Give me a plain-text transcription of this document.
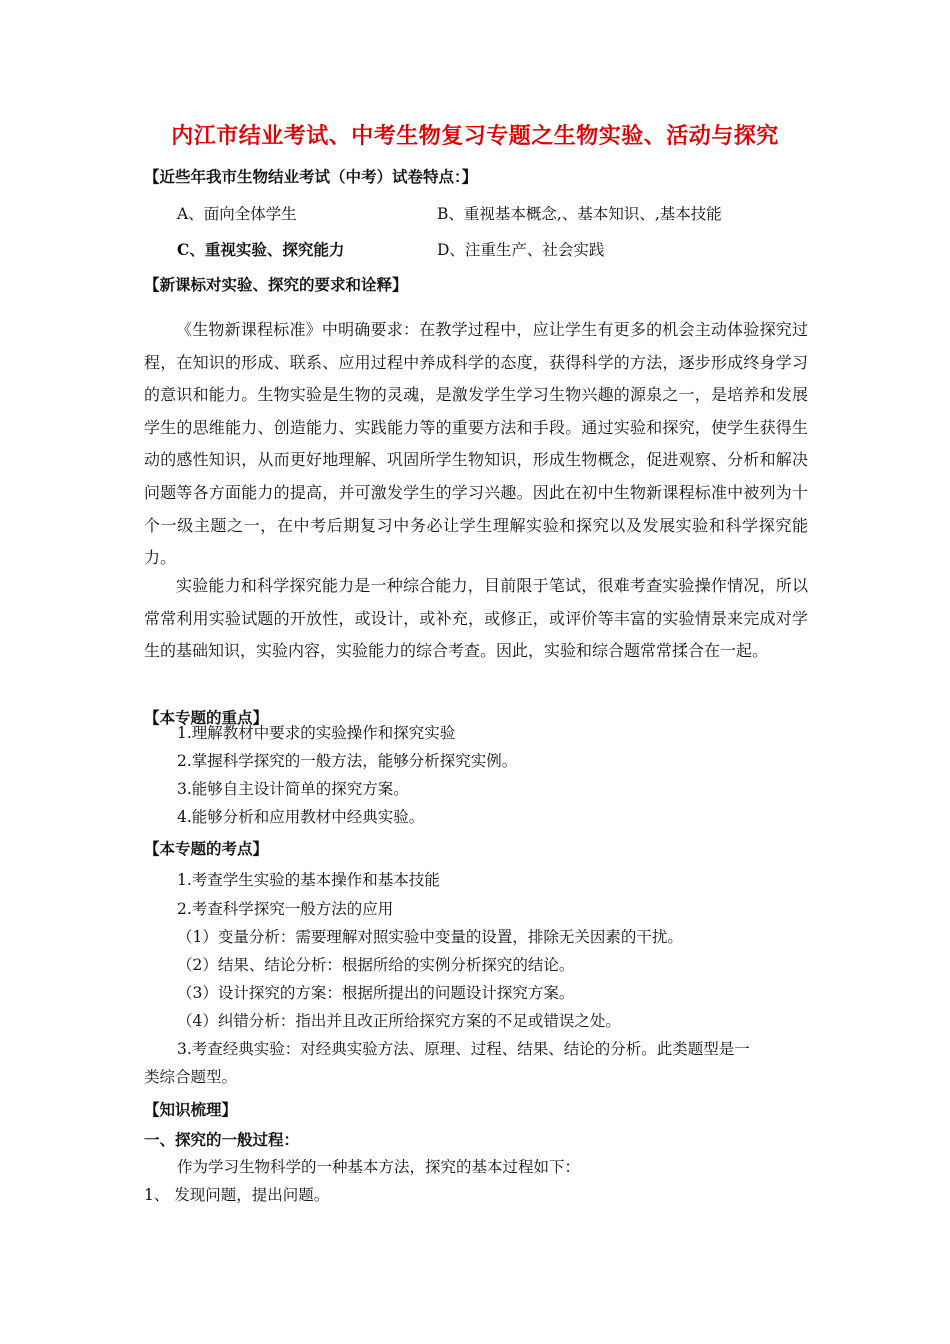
内江市结业考试、中考生物复习专题之生物实验、活动与探究
【近些年我市生物结业考试（中考）试卷特点：】
A、面向全体学生	B、重视基本概念,、基本知识、,基本技能
C、重视实验、探究能力	D、注重生产、社会实践
【新课标对实验、探究的要求和诠释】
《生物新课程标准》中明确要求：在教学过程中，应让学生有更多的机会主动体验探究过程，在知识的形成、联系、应用过程中养成科学的态度，获得科学的方法，逐步形成终身学习的意识和能力。生物实验是生物的灵魂，是激发学生学习生物兴趣的源泉之一，是培养和发展学生的思维能力、创造能力、实践能力等的重要方法和手段。通过实验和探究，使学生获得生动的感性知识，从而更好地理解、巩固所学生物知识，形成生物概念，促进观察、分析和解决问题等各方面能力的提高，并可激发学生的学习兴趣。因此在初中生物新课程标准中被列为十个一级主题之一，在中考后期复习中务必让学生理解实验和探究以及发展实验和科学探究能力。
实验能力和科学探究能力是一种综合能力，目前限于笔试，很难考查实验操作情况，所以常常利用实验试题的开放性，或设计，或补充，或修正，或评价等丰富的实验情景来完成对学生的基础知识，实验内容，实验能力的综合考查。因此，实验和综合题常常揉合在一起。
【本专题的重点】
1.理解教材中要求的实验操作和探究实验
2.掌握科学探究的一般方法，能够分析探究实例。
3.能够自主设计简单的探究方案。
4.能够分析和应用教材中经典实验。
【本专题的考点】
1.考查学生实验的基本操作和基本技能
2.考查科学探究一般方法的应用
（1）变量分析：需要理解对照实验中变量的设置，排除无关因素的干扰。
（2）结果、结论分析：根据所给的实例分析探究的结论。
（3）设计探究的方案：根据所提出的问题设计探究方案。
（4）纠错分析：指出并且改正所给探究方案的不足或错误之处。
3.考查经典实验：对经典实验方法、原理、过程、结果、结论的分析。此类题型是一
类综合题型。
【知识梳理】
一、探究的一般过程：
作为学习生物科学的一种基本方法，探究的基本过程如下：
1、 发现问题，提出问题。
